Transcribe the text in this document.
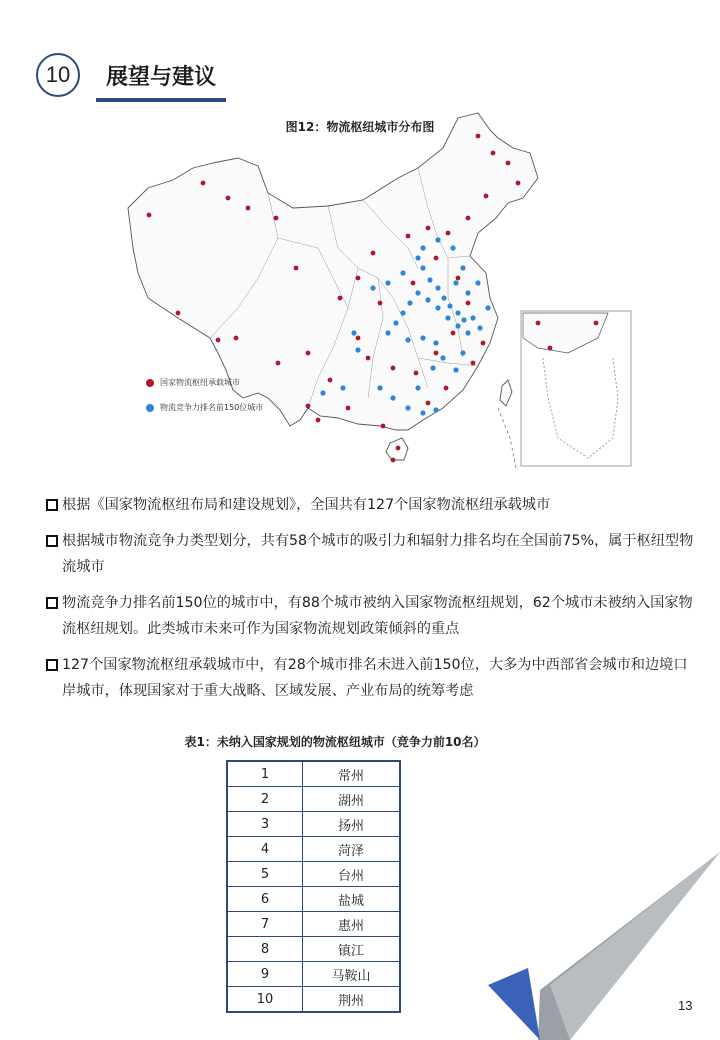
10 展望与建议
图12：物流枢纽城市分布图
国家物流枢纽承载城市
物流竞争力排名前150位城市
根据《国家物流枢纽布局和建设规划》，全国共有127个国家物流枢纽承载城市
根据城市物流竞争力类型划分，共有58个城市的吸引力和辐射力排名均在全国前75%，属于枢纽型物流城市
物流竞争力排名前150位的城市中，有88个城市被纳入国家物流枢纽规划，62个城市未被纳入国家物流枢纽规划。此类城市未来可作为国家物流规划政策倾斜的重点
127个国家物流枢纽承载城市中，有28个城市排名未进入前150位，大多为中西部省会城市和边境口岸城市，体现国家对于重大战略、区域发展、产业布局的统筹考虑
表1：未纳入国家规划的物流枢纽城市（竞争力前10名）
1	常州
2	湖州
3	扬州
4	菏泽
5	台州
6	盐城
7	惠州
8	镇江
9	马鞍山
10	荆州	13
